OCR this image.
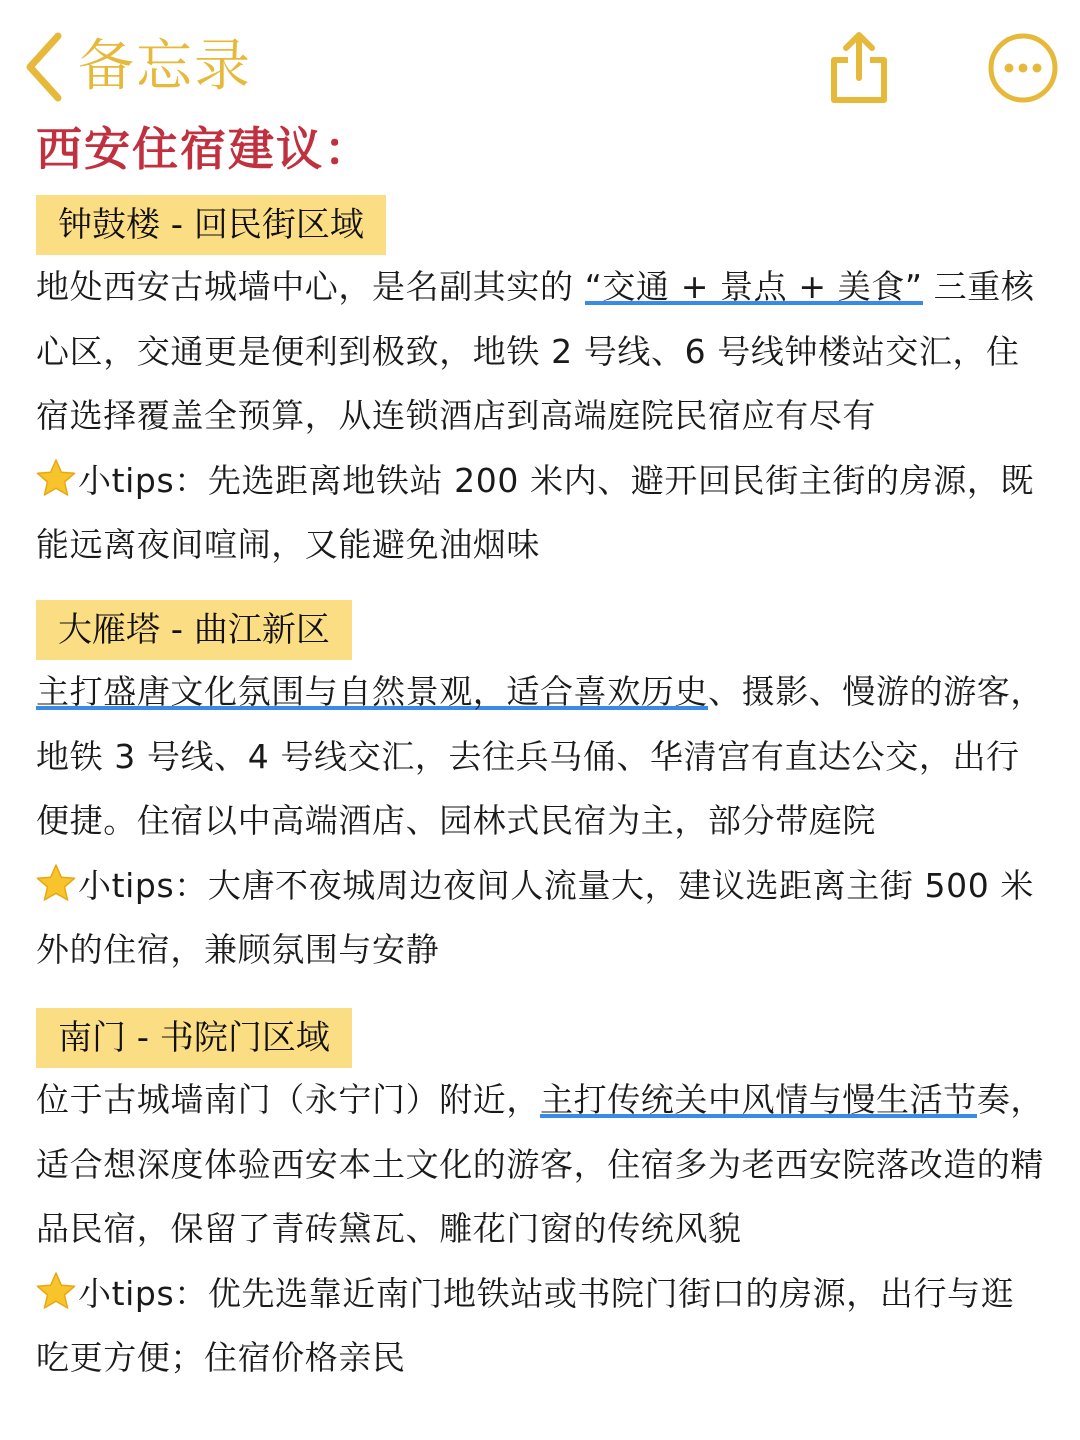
备忘录
西安住宿建议：
钟鼓楼 - 回民街区域

地处西安古城墙中心，是名副其实的 “交通 + 景点 + 美食” 三重核心区，交通更是便利到极致，地铁 2 号线、6 号线钟楼站交汇，住宿选择覆盖全预算，从连锁酒店到高端庭院民宿应有尽有

小tips：先选距离地铁站 200 米内、避开回民街主街的房源，既能远离夜间喧闹，又能避免油烟味

大雁塔 - 曲江新区

主打盛唐文化氛围与自然景观，适合喜欢历史、摄影、慢游的游客，地铁 3 号线、4 号线交汇，去往兵马俑、华清宫有直达公交，出行便捷。住宿以中高端酒店、园林式民宿为主，部分带庭院

小tips：大唐不夜城周边夜间人流量大，建议选距离主街 500 米外的住宿，兼顾氛围与安静

南门 - 书院门区域

位于古城墙南门（永宁门）附近，主打传统关中风情与慢生活节奏，适合想深度体验西安本土文化的游客，住宿多为老西安院落改造的精品民宿，保留了青砖黛瓦、雕花门窗的传统风貌

小tips：优先选靠近南门地铁站或书院门街口的房源，出行与逛吃更方便；住宿价格亲民
